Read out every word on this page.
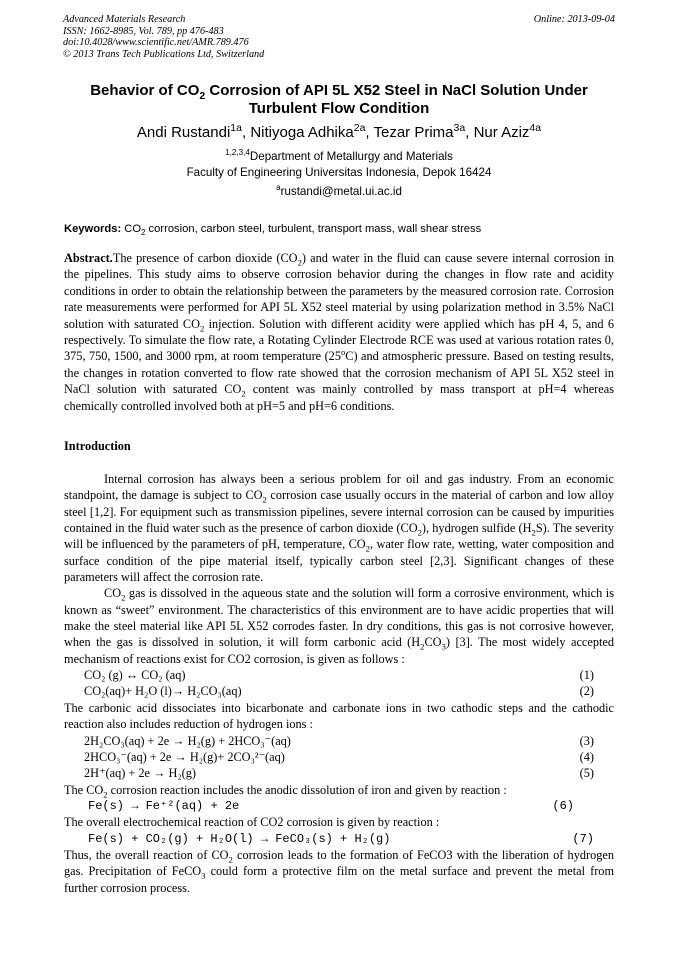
Advanced Materials Research
ISSN: 1662-8985, Vol. 789, pp 476-483
doi:10.4028/www.scientific.net/AMR.789.476
© 2013 Trans Tech Publications Ltd, Switzerland
Online: 2013-09-04
Behavior of $CO_2$ Corrosion of API 5L X52 Steel in NaCl Solution Under
Turbulent Flow Condition
Andi Rustandi$^{1a}$, Nitiyoga Adhika$^{2a}$, Tezar Prima$^{3a}$, Nur Aziz$^{4a}$
$^{1,2,3,4}$Department of Metallurgy and Materials
Faculty of Engineering Universitas Indonesia, Depok 16424
$^a$rustandi@metal.ui.ac.id
Keywords: $CO_2$ corrosion, carbon steel, turbulent, transport mass, wall shear stress
Abstract.The presence of carbon dioxide $(CO_2)$ and water in the fluid can cause severe internal corrosion in the pipelines. This study aims to observe corrosion behavior during the changes in flow rate and acidity conditions in order to obtain the relationship between the parameters by the measured corrosion rate. Corrosion rate measurements were performed for API 5L X52 steel material by using polarization method in 3.5% NaCl solution with saturated $CO_2$ injection. Solution with different acidity were applied which has pH 4, 5, and 6 respectively. To simulate the flow rate, a Rotating Cylinder Electrode RCE was used at various rotation rates 0, 375, 750, 1500, and 3000 rpm, at room temperature (25$^o$C) and atmospheric pressure. Based on testing results, the changes in rotation converted to flow rate showed that the corrosion mechanism of API 5L X52 steel in NaCl solution with saturated $CO_2$ content was mainly controlled by mass transport at pH=4 whereas chemically controlled involved both at pH=5 and pH=6 conditions.
Introduction

Internal corrosion has always been a serious problem for oil and gas industry. From an economic standpoint, the damage is subject to $CO_2$ corrosion case usually occurs in the material of carbon and low alloy steel [1,2]. For equipment such as transmission pipelines, severe internal corrosion can be caused by impurities contained in the fluid water such as the presence of carbon dioxide $(CO_2)$, hydrogen sulfide $(H_2S)$. The severity will be influenced by the parameters of pH, temperature, $CO_2$, water flow rate, wetting, water composition and surface condition of the pipe material itself, typically carbon steel [2,3]. Significant changes of these parameters will affect the corrosion rate.

$CO_2$ gas is dissolved in the aqueous state and the solution will form a corrosive environment, which is known as “sweet” environment. The characteristics of this environment are to have acidic properties that will make the steel material like API 5L X52 corrodes faster. In dry conditions, this gas is not corrosive however, when the gas is dissolved in solution, it will form carbonic acid $(H_2CO_3)$ [3]. The most widely accepted mechanism of reactions exist for CO2 corrosion, is given as follows :

CO₂ (g) ↔ CO₂ (aq)	(1)
CO₂(aq)+ H₂O (l)→ H₂CO₃(aq)	(2)

The carbonic acid dissociates into bicarbonate and carbonate ions in two cathodic steps and the cathodic reaction also includes reduction of hydrogen ions :

2H₂CO₃(aq) + 2e → H₂(g) + 2HCO₃⁻(aq)	(3)
2HCO₃⁻(aq) + 2e → H₂(g)+ 2CO₃²⁻(aq)	(4)
2H⁺(aq) + 2e → H₂(g)	(5)

The $CO_2$ corrosion reaction includes the anodic dissolution of iron and given by reaction :

Fe(s) → Fe⁺²(aq) + 2e	(6)

The overall electrochemical reaction of CO2 corrosion is given by reaction :

Fe(s) + CO₂(g) + H₂O(l) → FeCO₃(s) + H₂(g)	(7)

Thus, the overall reaction of $CO_2$ corrosion leads to the formation of FeCO3 with the liberation of hydrogen gas. Precipitation of FeCO$_3$ could form a protective film on the metal surface and prevent the metal from further corrosion process.
